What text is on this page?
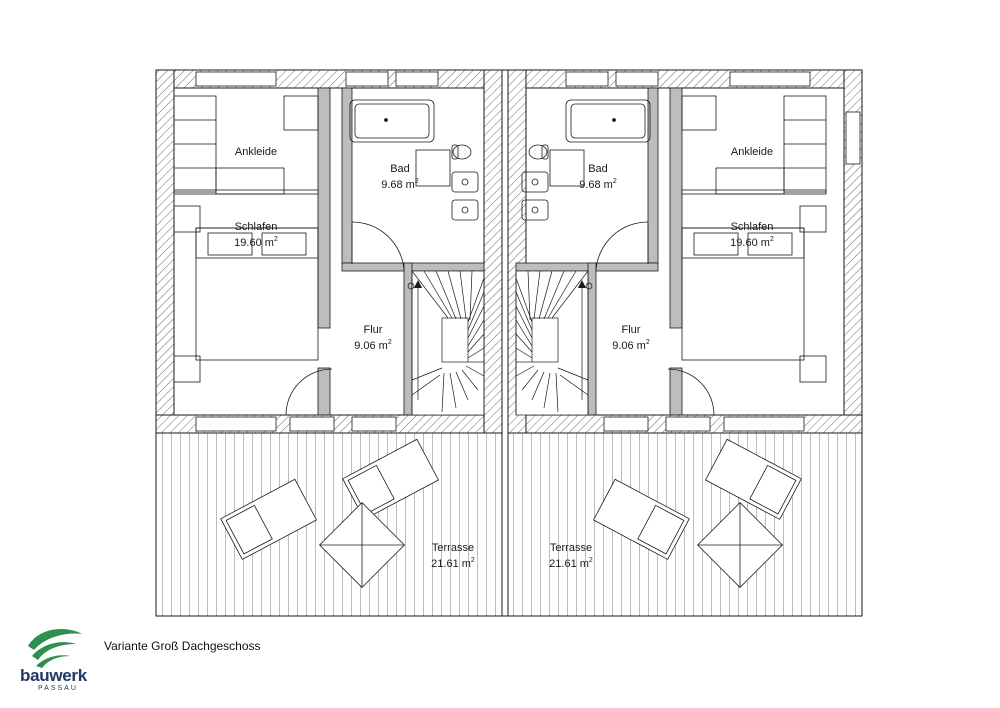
Ankleide
Schlafen
19.60 $m^2$
Bad
9.68 $m^2$
Flur
9.06 $m^2$
Terrasse
21.61 $m^2$
Ankleide
Schlafen
19.60 $m^2$
Bad
9.68 $m^2$
Flur
9.06 $m^2$
Terrasse
21.61 $m^2$
bauwerk
PASSAU
Variante Groß Dachgeschoss
